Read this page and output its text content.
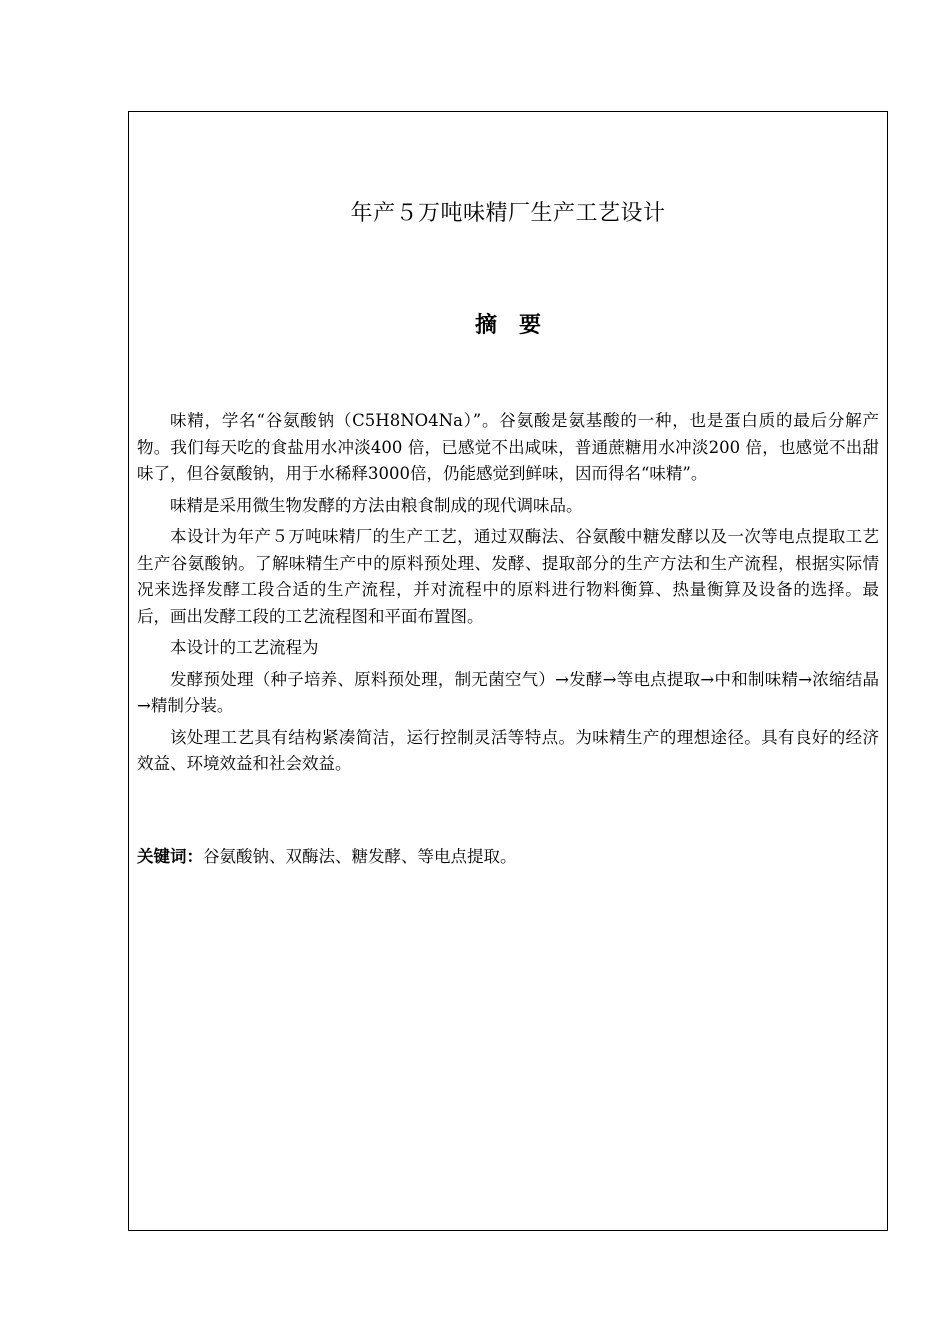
年产５万吨味精厂生产工艺设计
摘　要

味精，学名“谷氨酸钠（C5H8NO4Na）”。谷氨酸是氨基酸的一种，也是蛋白质的最后分解产物。我们每天吃的食盐用水冲淡400 倍，已感觉不出咸味，普通蔗糖用水冲淡200 倍，也感觉不出甜味了，但谷氨酸钠，用于水稀释3000倍，仍能感觉到鲜味，因而得名“味精”。

味精是采用微生物发酵的方法由粮食制成的现代调味品。

本设计为年产５万吨味精厂的生产工艺，通过双酶法、谷氨酸中糖发酵以及一次等电点提取工艺生产谷氨酸钠。了解味精生产中的原料预处理、发酵、提取部分的生产方法和生产流程，根据实际情况来选择发酵工段合适的生产流程，并对流程中的原料进行物料衡算、热量衡算及设备的选择。最后，画出发酵工段的工艺流程图和平面布置图。

本设计的工艺流程为

发酵预处理（种子培养、原料预处理，制无菌空气）→发酵→等电点提取→中和制味精→浓缩结晶→精制分装。

该处理工艺具有结构紧凑简洁，运行控制灵活等特点。为味精生产的理想途径。具有良好的经济效益、环境效益和社会效益。

关键词：谷氨酸钠、双酶法、糖发酵、等电点提取。
